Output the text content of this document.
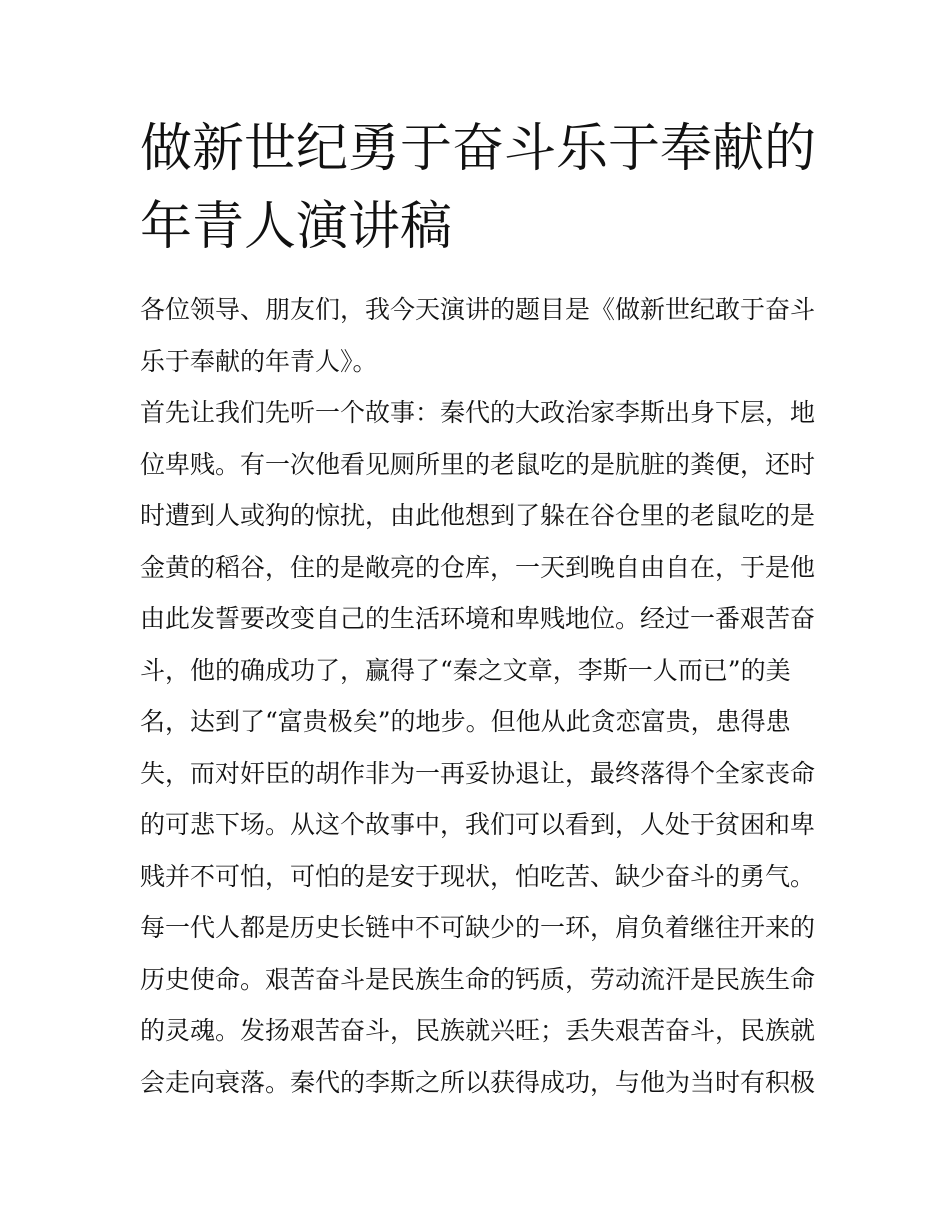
做新世纪勇于奋斗乐于奉献的
年青人演讲稿
各位领导、朋友们，我今天演讲的题目是《做新世纪敢于奋斗
乐于奉献的年青人》。
首先让我们先听一个故事：秦代的大政治家李斯出身下层，地
位卑贱。有一次他看见厕所里的老鼠吃的是肮脏的粪便，还时
时遭到人或狗的惊扰，由此他想到了躲在谷仓里的老鼠吃的是
金黄的稻谷，住的是敞亮的仓库，一天到晚自由自在，于是他
由此发誓要改变自己的生活环境和卑贱地位。经过一番艰苦奋
斗，他的确成功了，赢得了“秦之文章，李斯一人而已”的美
名，达到了“富贵极矣”的地步。但他从此贪恋富贵，患得患
失，而对奸臣的胡作非为一再妥协退让，最终落得个全家丧命
的可悲下场。从这个故事中，我们可以看到，人处于贫困和卑
贱并不可怕，可怕的是安于现状，怕吃苦、缺少奋斗的勇气。
每一代人都是历史长链中不可缺少的一环，肩负着继往开来的
历史使命。艰苦奋斗是民族生命的钙质，劳动流汗是民族生命
的灵魂。发扬艰苦奋斗，民族就兴旺；丢失艰苦奋斗，民族就
会走向衰落。秦代的李斯之所以获得成功，与他为当时有积极
